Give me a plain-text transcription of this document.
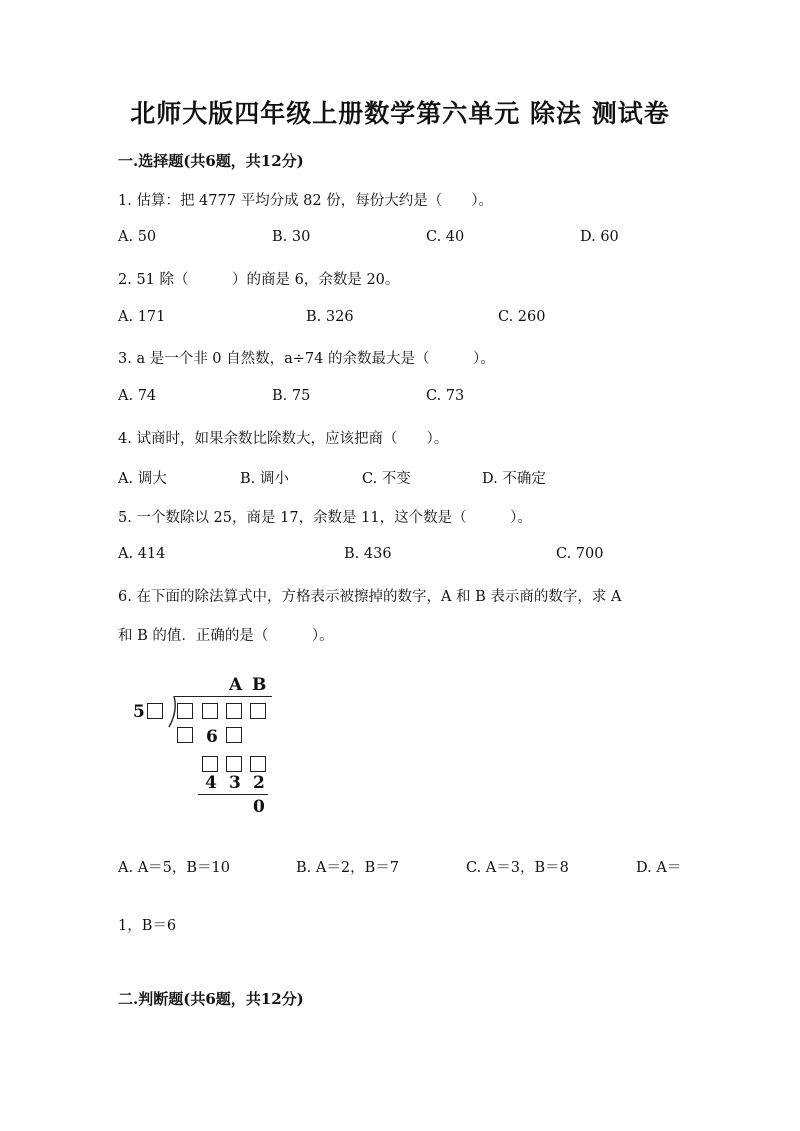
北师大版四年级上册数学第六单元 除法 测试卷
一.选择题(共6题，共12分)
1. 估算：把 4777 平均分成 82 份，每份大约是（　　）。
A. 50	B. 30	C. 40	D. 60
2. 51 除（　　　）的商是 6，余数是 20。
A. 171	B. 326	C. 260
3. a 是一个非 0 自然数，a÷74 的余数最大是（　　　）。
A. 74	B. 75	C. 73
4. 试商时，如果余数比除数大，应该把商（　　）。
A. 调大	B. 调小	C. 不变	D. 不确定
5. 一个数除以 25，商是 17，余数是 11，这个数是（　　　）。
A. 414	B. 436	C. 700
6. 在下面的除法算式中，方格表示被擦掉的数字，A 和 B 表示商的数字，求 A
和 B 的值．正确的是（　　　）。
A B
5
6
4 3 2
0
A. A＝5，B＝10	B. A＝2，B＝7	C. A＝3，B＝8	D. A＝
1，B＝6
二.判断题(共6题，共12分)
